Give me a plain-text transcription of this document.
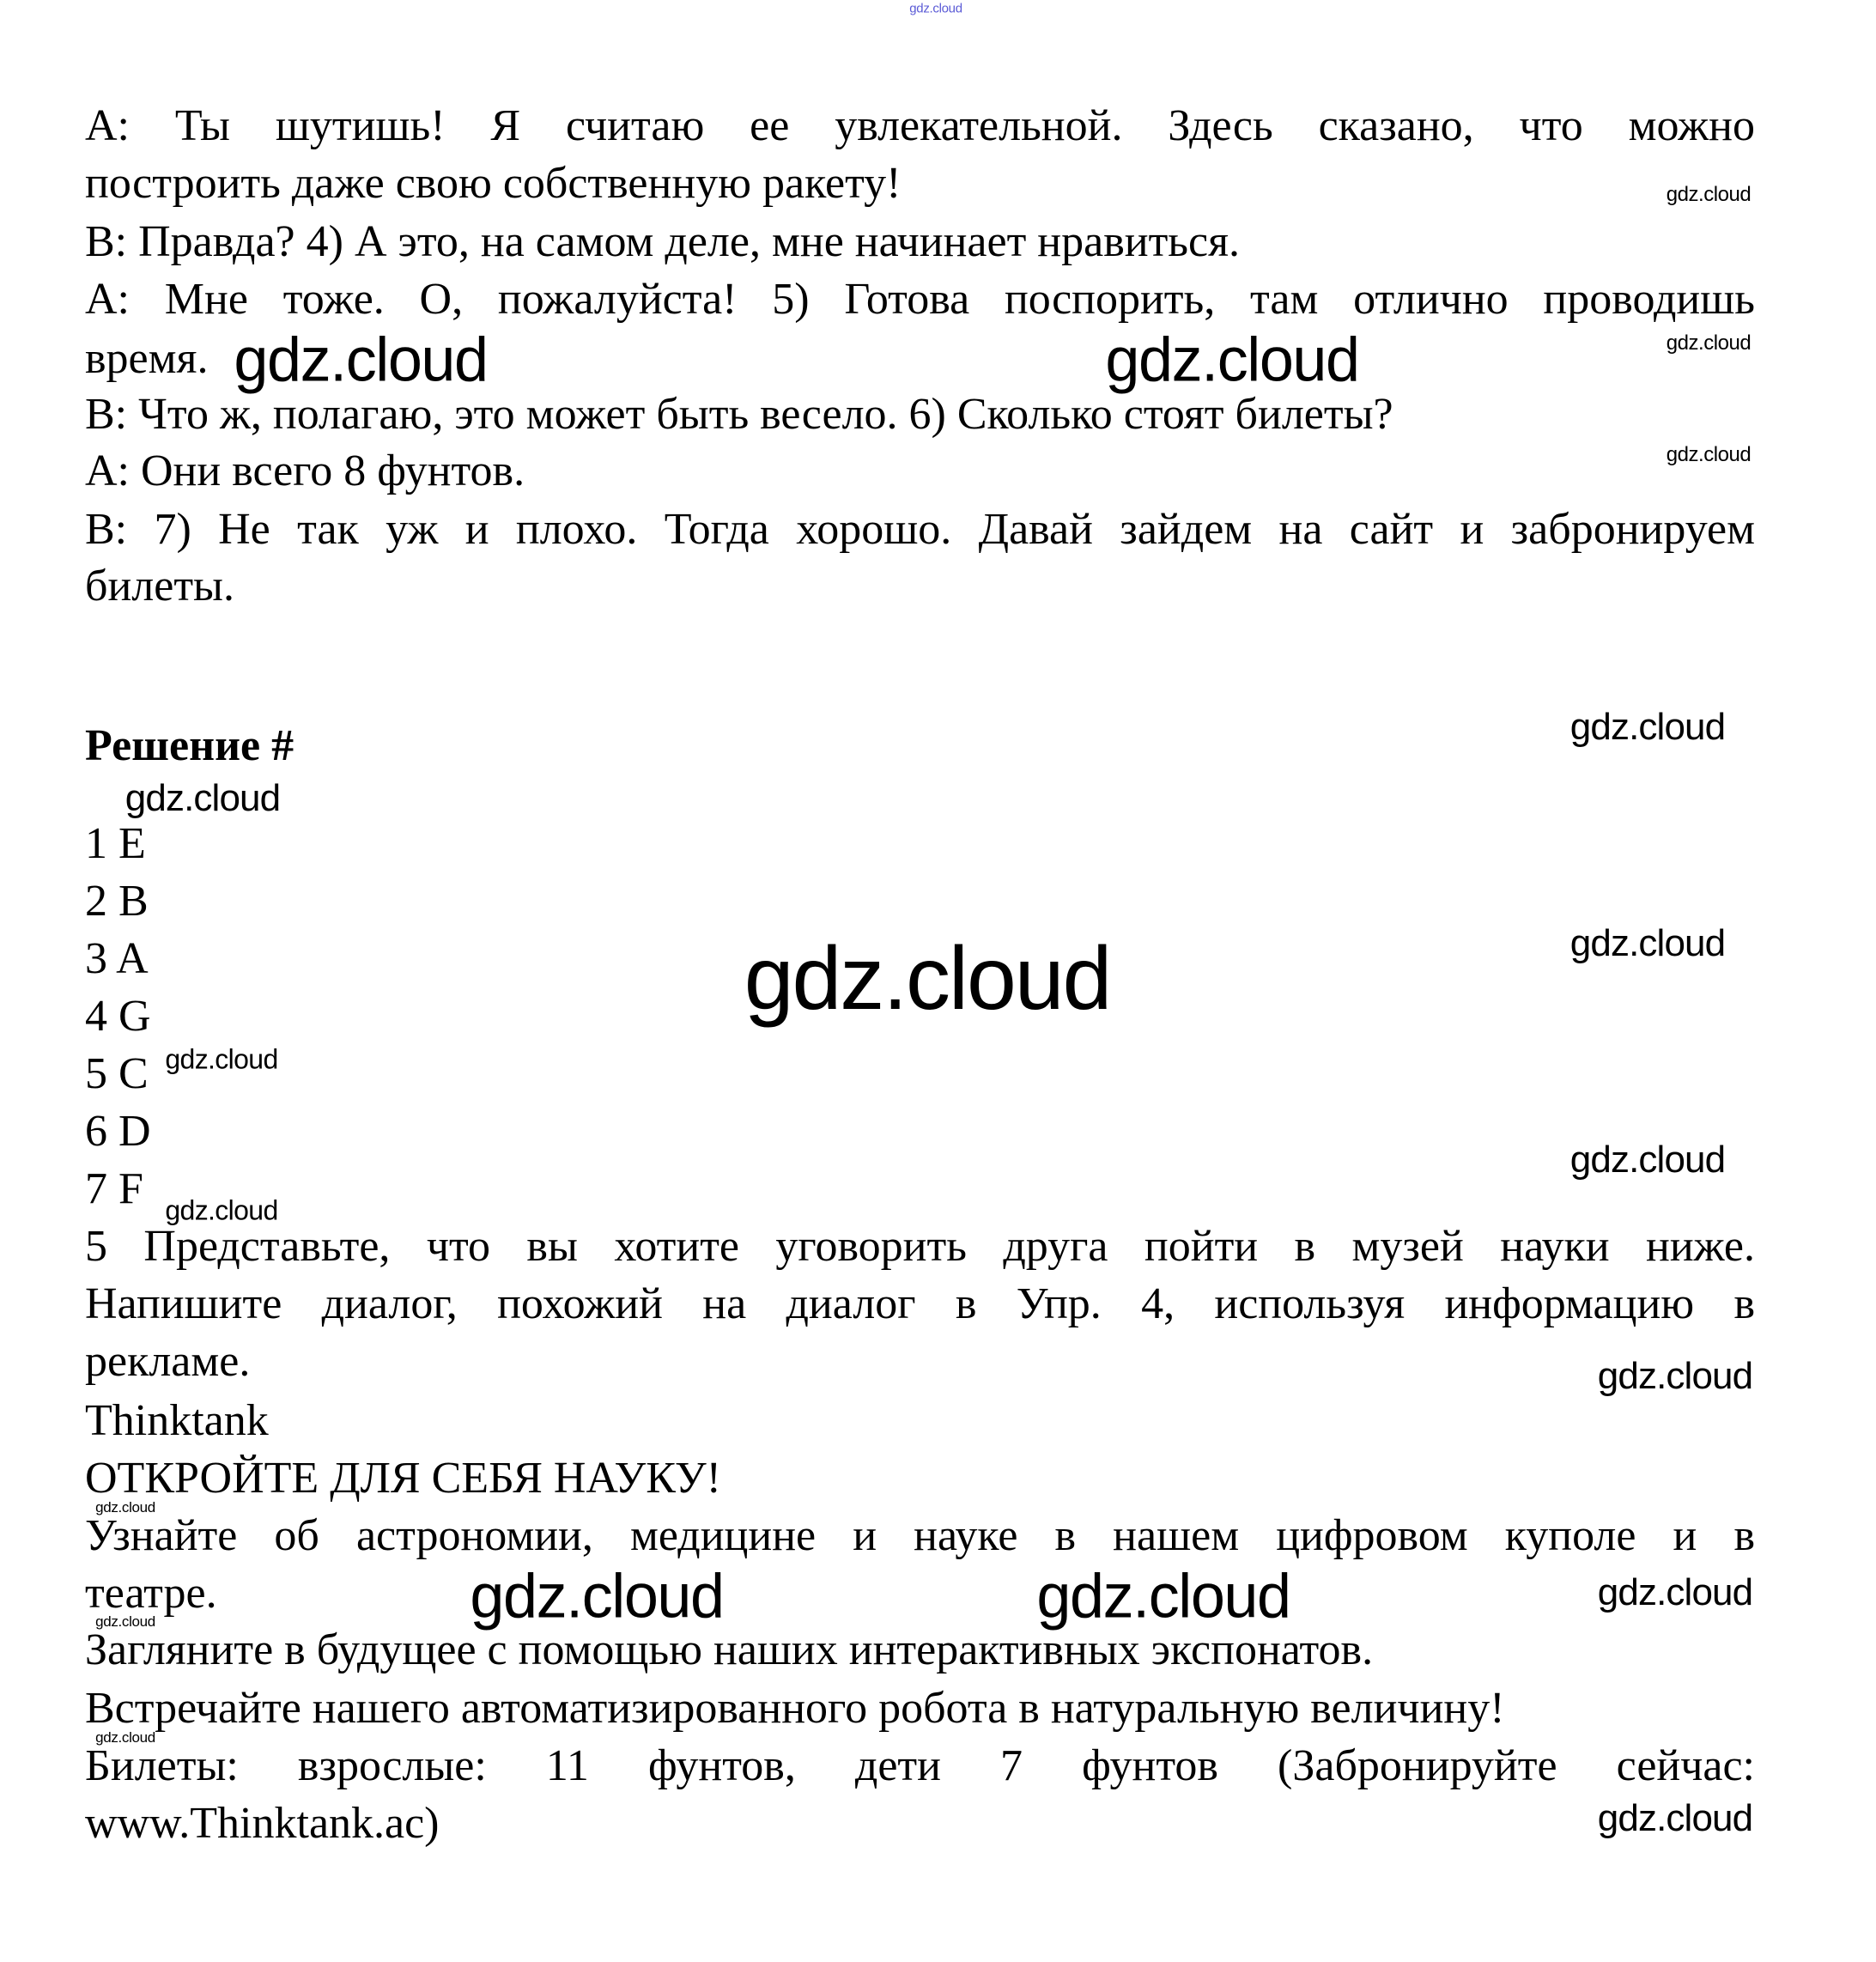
A: Ты шутишь! Я считаю ее увлекательной. Здесь сказано, что можно
построить даже свою собственную ракету!
B: Правда? 4) А это, на самом деле, мне начинает нравиться.
A: Мне тоже. О, пожалуйста! 5) Готова поспорить, там отлично проводишь
время.
B: Что ж, полагаю, это может быть весело. 6) Сколько стоят билеты?
A: Они всего 8 фунтов.
B: 7) Не так уж и плохо. Тогда хорошо. Давай зайдем на сайт и забронируем
билеты.
Решение #
1 E
2 B
3 A
4 G
5 C
6 D
7 F
5 Представьте, что вы хотите уговорить друга пойти в музей науки ниже.
Напишите диалог, похожий на диалог в Упр. 4, используя информацию в
рекламе.
Thinktank
ОТКРОЙТЕ ДЛЯ СЕБЯ НАУКУ!
Узнайте об астрономии, медицине и науке в нашем цифровом куполе и в
театре.
Загляните в будущее с помощью наших интерактивных экспонатов.
Встречайте нашего автоматизированного робота в натуральную величину!
Билеты: взрослые: 11 фунтов, дети 7 фунтов (Забронируйте сейчас:
www.Thinktank.ac)
gdz.cloud
gdz.cloud
gdz.cloud
gdz.cloud
gdz.cloud	gdz.cloud
gdz.cloud
gdz.cloud
gdz.cloud
gdz.cloud
gdz.cloud
gdz.cloud
gdz.cloud
gdz.cloud
gdz.cloud
gdz.cloud	gdz.cloud	gdz.cloud
gdz.cloud
gdz.cloud
gdz.cloud
